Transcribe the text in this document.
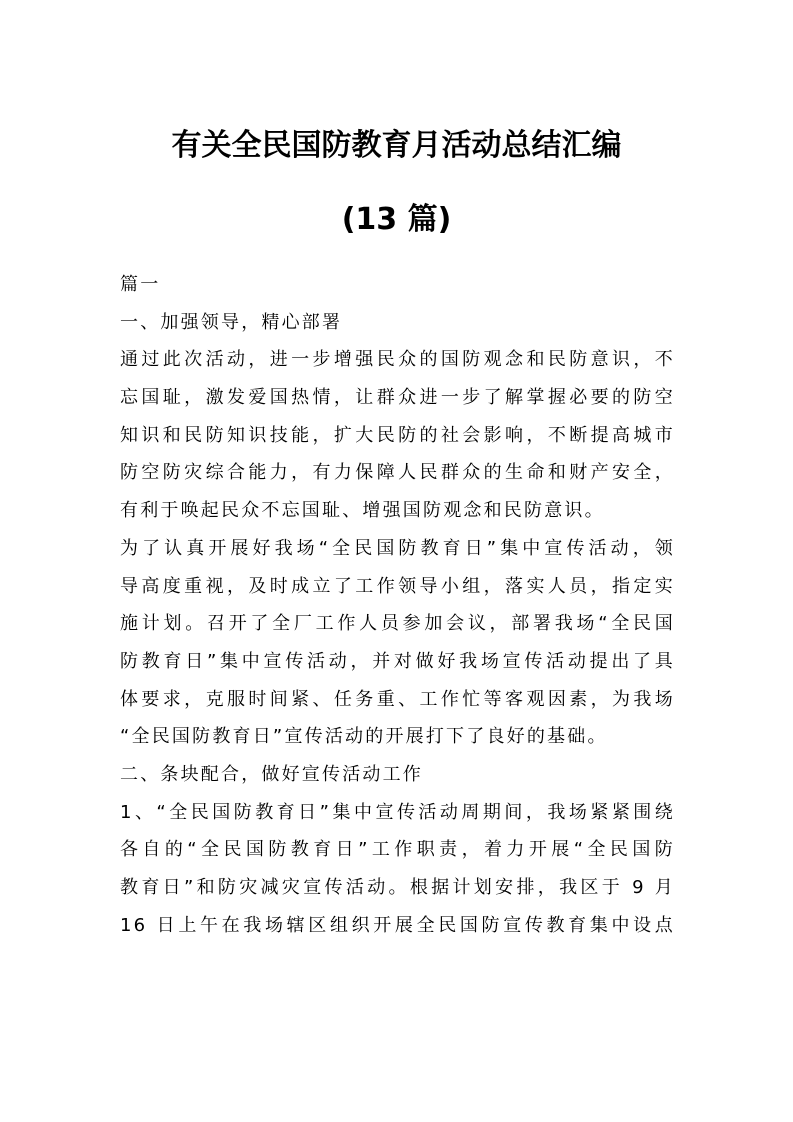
有关全民国防教育月活动总结汇编
(13 篇)
篇一
一、加强领导，精心部署
通过此次活动，进一步增强民众的国防观念和民防意识，不
忘国耻，激发爱国热情，让群众进一步了解掌握必要的防空
知识和民防知识技能，扩大民防的社会影响，不断提高城市
防空防灾综合能力，有力保障人民群众的生命和财产安全，
有利于唤起民众不忘国耻、增强国防观念和民防意识。
为了认真开展好我场“全民国防教育日”集中宣传活动，领
导高度重视，及时成立了工作领导小组，落实人员，指定实
施计划。召开了全厂工作人员参加会议，部署我场“全民国
防教育日”集中宣传活动，并对做好我场宣传活动提出了具
体要求，克服时间紧、任务重、工作忙等客观因素，为我场
“全民国防教育日”宣传活动的开展打下了良好的基础。
二、条块配合，做好宣传活动工作
1、“全民国防教育日”集中宣传活动周期间，我场紧紧围绕
各自的“全民国防教育日”工作职责，着力开展“全民国防
教育日”和防灾减灾宣传活动。根据计划安排，我区于 9 月
16 日上午在我场辖区组织开展全民国防宣传教育集中设点
